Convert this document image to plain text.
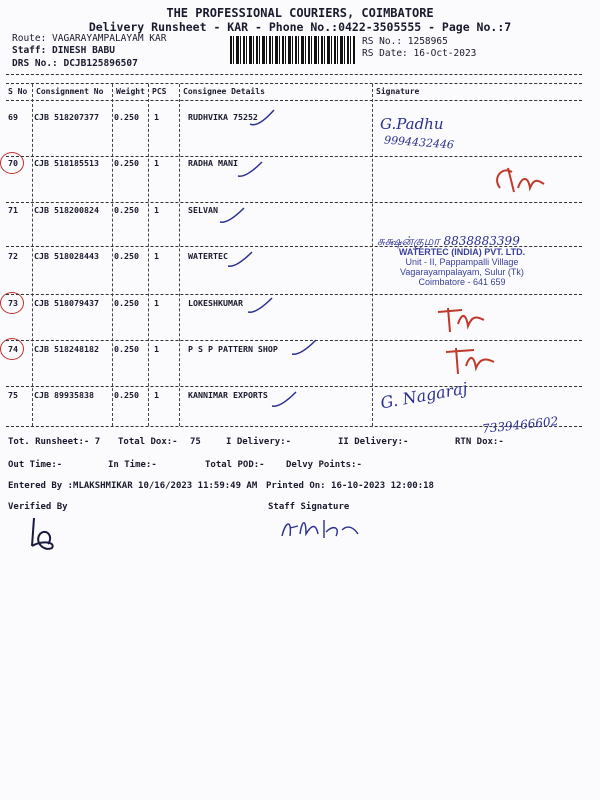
THE PROFESSIONAL COURIERS, COIMBATORE
Delivery Runsheet - KAR - Phone No.:0422-3505555 - Page No.:7
Route: VAGARAYAMPALAYAM KAR
Staff: DINESH BABU
DRS No.: DCJB125896507
RS No.: 1258965
RS Date: 16-Oct-2023
S No Consignment No Weight PCS Consignee Details	Signature
69 CJB 518207377 0.250 1	RUDHVIKA 75252
70 CJB 518185513 0.250 1	RADHA MANI
71 CJB 518200824 0.250 1	SELVAN
72 CJB 518028443 0.250 1	WATERTEC
73 CJB 518079437 0.250 1	LOKESHKUMAR
74 CJB 518248182 0.250 1	P S P PATTERN SHOP
75 CJB 89935838 0.250 1	KANNIMAR EXPORTS
G.Padhu
9994432446
சுக்ஷன்குமா 8838883399
WATERTEC (INDIA) PVT. LTD.
Unit - II, Pappampalli Village
Vagarayampalayam, Sulur (Tk)
Coimbatore - 641 659
G. Nagaraj
7339466602
Tot. Runsheet:- 7 Total Dox:- 75	I Delivery:-	II Delivery:-	RTN Dox:-
Out Time:-	In Time:-	Total POD:- Delvy Points:-
Entered By :MLAKSHMIKAR 10/16/2023 11:59:49 AM Printed On: 16-10-2023 12:00:18
Verified By	Staff Signature
